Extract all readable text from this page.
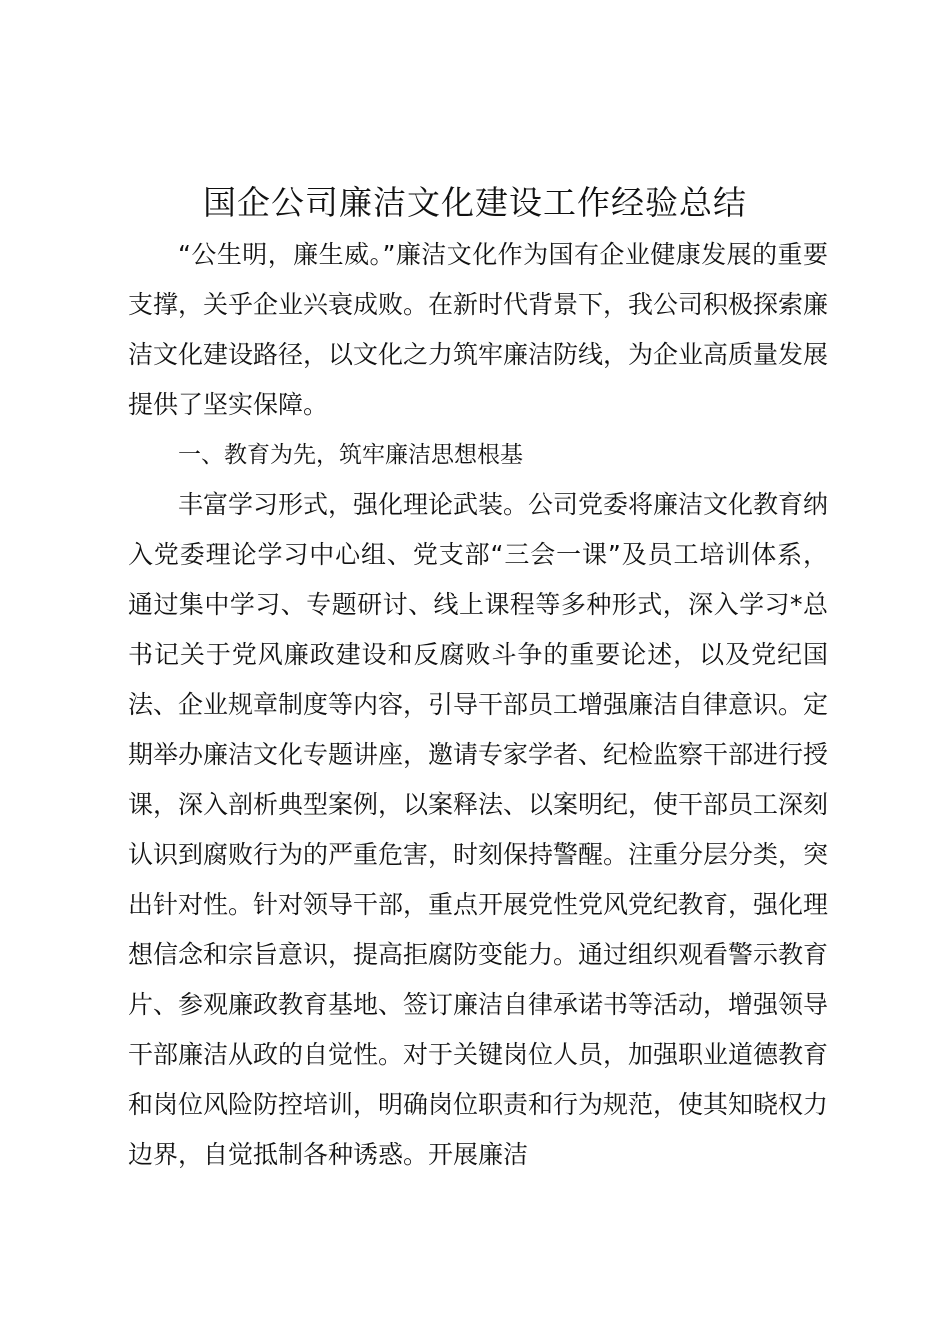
国企公司廉洁文化建设工作经验总结

“公生明，廉生威。”廉洁文化作为国有企业健康发展的重要支撑，关乎企业兴衰成败。在新时代背景下，我公司积极探索廉洁文化建设路径，以文化之力筑牢廉洁防线，为企业高质量发展提供了坚实保障。

一、教育为先，筑牢廉洁思想根基

丰富学习形式，强化理论武装。公司党委将廉洁文化教育纳入党委理论学习中心组、党支部“三会一课”及员工培训体系，通过集中学习、专题研讨、线上课程等多种形式，深入学习*总书记关于党风廉政建设和反腐败斗争的重要论述，以及党纪国法、企业规章制度等内容，引导干部员工增强廉洁自律意识。定期举办廉洁文化专题讲座，邀请专家学者、纪检监察干部进行授课，深入剖析典型案例，以案释法、以案明纪，使干部员工深刻认识到腐败行为的严重危害，时刻保持警醒。注重分层分类，突出针对性。针对领导干部，重点开展党性党风党纪教育，强化理想信念和宗旨意识，提高拒腐防变能力。通过组织观看警示教育片、参观廉政教育基地、签订廉洁自律承诺书等活动，增强领导干部廉洁从政的自觉性。对于关键岗位人员，加强职业道德教育和岗位风险防控培训，明确岗位职责和行为规范，使其知晓权力边界，自觉抵制各种诱惑。开展廉洁
